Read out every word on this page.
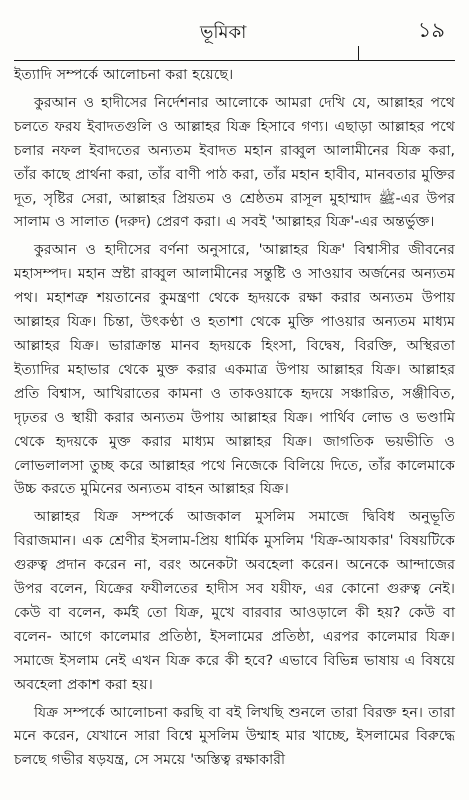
ভূমিকা	১৯

ইত্যাদি সম্পর্কে আলোচনা করা হয়েছে।

কুরআন ও হাদীসের নির্দেশনার আলোকে আমরা দেখি যে, আল্লাহর পথে চলতে ফরয ইবাদতগুলি ও আল্লাহর যিক্র হিসাবে গণ্য। এছাড়া আল্লাহর পথে চলার নফল ইবাদতের অন্যতম ইবাদত মহান রাব্বুল আলামীনের যিক্র করা, তাঁর কাছে প্রার্থনা করা, তাঁর বাণী পাঠ করা, তাঁর মহান হাবীব, মানবতার মুক্তির দূত, সৃষ্টির সেরা, আল্লাহর প্রিয়তম ও শ্রেষ্ঠতম রাসূল মুহাম্মাদ ﷺ-এর উপর সালাম ও সালাত (দরুদ) প্রেরণ করা। এ সবই 'আল্লাহর যিক্র'-এর অন্তর্ভুক্ত।

কুরআন ও হাদীসের বর্ণনা অনুসারে, 'আল্লাহর যিক্র' বিশ্বাসীর জীবনের মহাসম্পদ। মহান স্রষ্টা রাব্বুল আলামীনের সন্তুষ্টি ও সাওয়াব অর্জনের অন্যতম পথ। মহাশত্রু শয়তানের কুমন্ত্রণা থেকে হৃদয়কে রক্ষা করার অন্যতম উপায় আল্লাহর যিক্র। চিন্তা, উৎকণ্ঠা ও হতাশা থেকে মুক্তি পাওয়ার অন্যতম মাধ্যম আল্লাহর যিক্র। ভারাক্রান্ত মানব হৃদয়কে হিংসা, বিদ্বেষ, বিরক্তি, অস্থিরতা ইত্যাদির মহাভার থেকে মুক্ত করার একমাত্র উপায় আল্লাহর যিক্র। আল্লাহর প্রতি বিশ্বাস, আখিরাতের কামনা ও তাকওয়াকে হৃদয়ে সঞ্চারিত, সঞ্জীবিত, দৃঢ়তর ও স্থায়ী করার অন্যতম উপায় আল্লাহর যিক্র। পার্থিব লোভ ও ভণ্ডামি থেকে হৃদয়কে মুক্ত করার মাধ্যম আল্লাহর যিক্র। জাগতিক ভয়ভীতি ও লোভলালসা তুচ্ছ করে আল্লাহর পথে নিজেকে বিলিয়ে দিতে, তাঁর কালেমাকে উচ্চ করতে মুমিনের অন্যতম বাহন আল্লাহর যিক্র।

আল্লাহর যিক্র সম্পর্কে আজকাল মুসলিম সমাজে দ্বিবিধ অনুভূতি বিরাজমান। এক শ্রেণীর ইসলাম-প্রিয় ধার্মিক মুসলিম 'যিক্র-আযকার' বিষয়টিকে গুরুত্ব প্রদান করেন না, বরং অনেকটা অবহেলা করেন। অনেকে আন্দাজের উপর বলেন, যিক্রের ফযীলতের হাদীস সব যয়ীফ, এর কোনো গুরুত্ব নেই। কেউ বা বলেন, কর্মই তো যিক্র, মুখে বারবার আওড়ালে কী হয়? কেউ বা বলেন- আগে কালেমার প্রতিষ্ঠা, ইসলামের প্রতিষ্ঠা, এরপর কালেমার যিক্র। সমাজে ইসলাম নেই এখন যিক্র করে কী হবে? এভাবে বিভিন্ন ভাষায় এ বিষয়ে অবহেলা প্রকাশ করা হয়।

যিক্র সম্পর্কে আলোচনা করছি বা বই লিখছি শুনলে তারা বিরক্ত হন। তারা মনে করেন, যেখানে সারা বিশ্বে মুসলিম উম্মাহ মার খাচ্ছে, ইসলামের বিরুদ্ধে চলছে গভীর ষড়যন্ত্র, সে সময়ে 'অস্তিত্ব রক্ষাকারী
